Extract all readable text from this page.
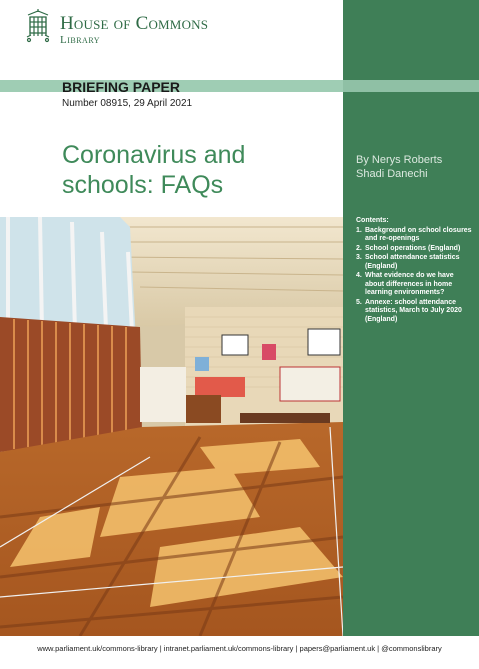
House of Commons
Library
BRIEFING PAPER
Number 08915, 29 April 2021
Coronavirus and schools: FAQs
By Nerys Roberts
Shadi Danechi
Contents:
1. Background on school closures and re-openings
2. School operations (England)
3. School attendance statistics (England)
4. What evidence do we have about differences in home learning environments?
5. Annexe: school attendance statistics, March to July 2020 (England)
www.parliament.uk/commons-library | intranet.parliament.uk/commons-library | papers@parliament.uk | @commonslibrary
